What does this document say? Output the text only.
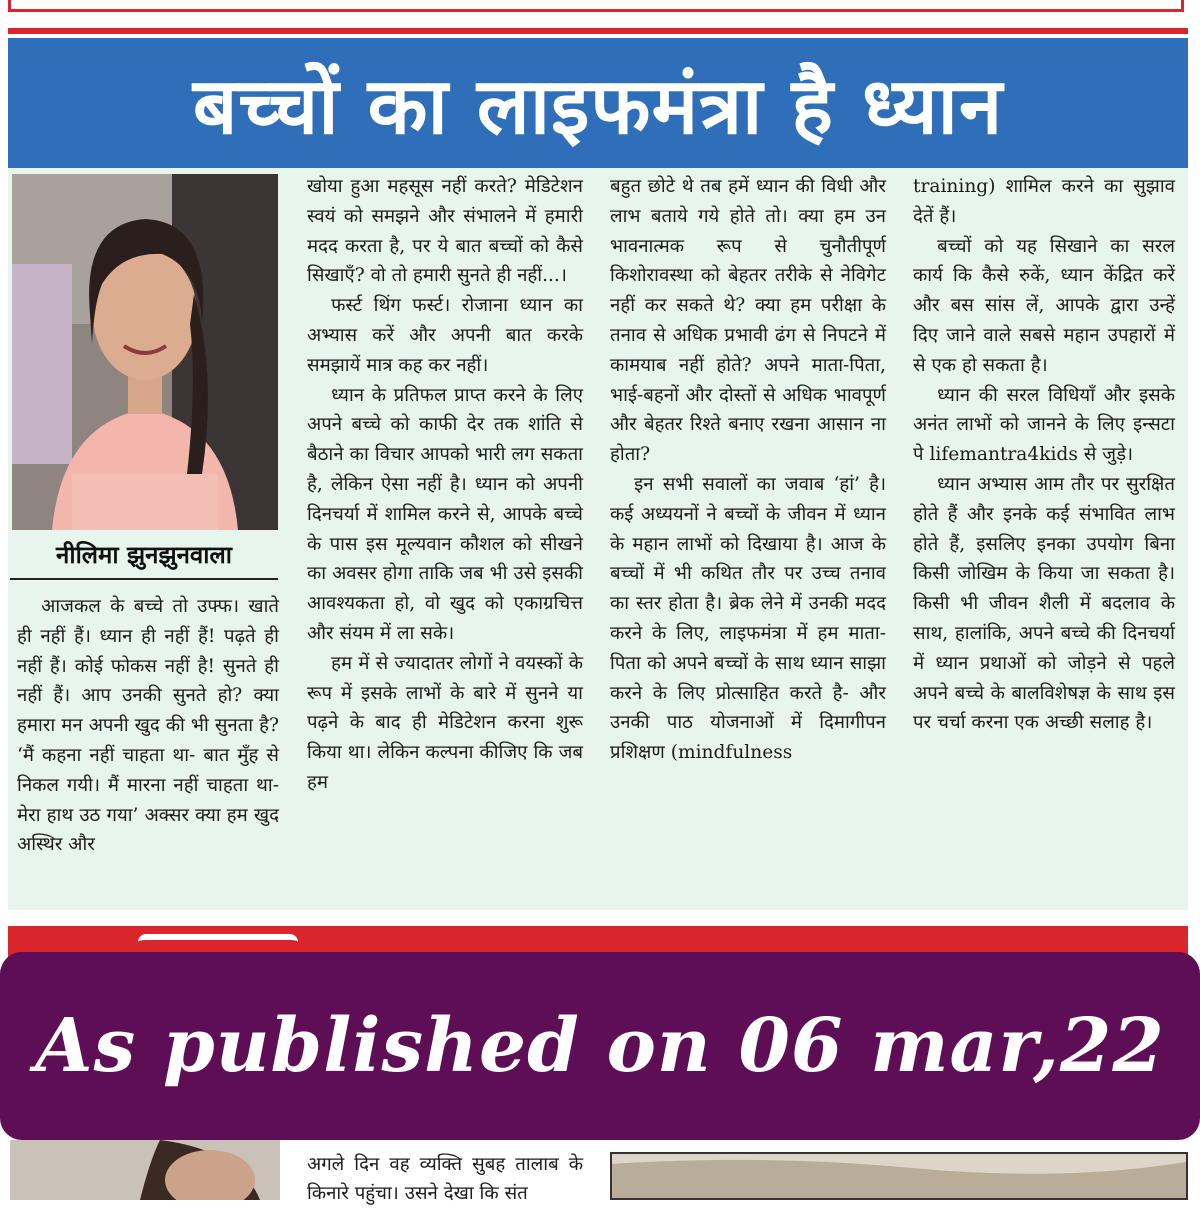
बच्चों का लाइफमंत्रा है ध्यान
नीलिमा झुनझुनवाला

आजकल के बच्चे तो उफ्फ। खाते ही नहीं हैं। ध्यान ही नहीं हैं! पढ़ते ही नहीं हैं। कोई फोकस नहीं है! सुनते ही नहीं हैं। आप उनकी सुनते हो? क्या हमारा मन अपनी खुद की भी सुनता है? ‘मैं कहना नहीं चाहता था- बात मुँह से निकल गयी। मैं मारना नहीं चाहता था- मेरा हाथ उठ गया’ अक्सर क्या हम खुद अस्थिर और

खोया हुआ महसूस नहीं करते? मेडिटेशन स्वयं को समझने और संभालने में हमारी मदद करता है, पर ये बात बच्चों को कैसे सिखाएँ? वो तो हमारी सुनते ही नहीं...।

फर्स्ट थिंग फर्स्ट। रोजाना ध्यान का अभ्यास करें और अपनी बात करके समझायें मात्र कह कर नहीं।

ध्यान के प्रतिफल प्राप्त करने के लिए अपने बच्चे को काफी देर तक शांति से बैठाने का विचार आपको भारी लग सकता है, लेकिन ऐसा नहीं है। ध्यान को अपनी दिनचर्या में शामिल करने से, आपके बच्चे के पास इस मूल्यवान कौशल को सीखने का अवसर होगा ताकि जब भी उसे इसकी आवश्यकता हो, वो खुद को एकाग्रचित्त और संयम में ला सके।

हम में से ज्यादातर लोगों ने वयस्कों के रूप में इसके लाभों के बारे में सुनने या पढ़ने के बाद ही मेडिटेशन करना शुरू किया था। लेकिन कल्पना कीजिए कि जब हम

बहुत छोटे थे तब हमें ध्यान की विधी और लाभ बताये गये होते तो। क्या हम उन भावनात्मक रूप से चुनौतीपूर्ण किशोरावस्था को बेहतर तरीके से नेविगेट नहीं कर सकते थे? क्या हम परीक्षा के तनाव से अधिक प्रभावी ढंग से निपटने में कामयाब नहीं होते? अपने माता-पिता, भाई-बहनों और दोस्तों से अधिक भावपूर्ण और बेहतर रिश्ते बनाए रखना आसान ना होता?

इन सभी सवालों का जवाब ‘हां’ है। कई अध्ययनों ने बच्चों के जीवन में ध्यान के महान लाभों को दिखाया है। आज के बच्चों में भी कथित तौर पर उच्च तनाव का स्तर होता है। ब्रेक लेने में उनकी मदद करने के लिए, लाइफमंत्रा में हम माता-पिता को अपने बच्चों के साथ ध्यान साझा करने के लिए प्रोत्साहित करते है- और उनकी पाठ योजनाओं में दिमागीपन प्रशिक्षण (mindfulness

training) शामिल करने का सुझाव देतें हैं।

बच्चों को यह सिखाने का सरल कार्य कि कैसे रुकें, ध्यान केंद्रित करें और बस सांस लें, आपके द्वारा उन्हें दिए जाने वाले सबसे महान उपहारों में से एक हो सकता है।

ध्यान की सरल विधियाँ और इसके अनंत लाभों को जानने के लिए इन्सटा पे lifemantra4kids से जुड़े।

ध्यान अभ्यास आम तौर पर सुरक्षित होते हैं और इनके कई संभावित लाभ होते हैं, इसलिए इनका उपयोग बिना किसी जोखिम के किया जा सकता है। किसी भी जीवन शैली में बदलाव के साथ, हालांकि, अपने बच्चे की दिनचर्या में ध्यान प्रथाओं को जोड़ने से पहले अपने बच्चे के बालविशेषज्ञ के साथ इस पर चर्चा करना एक अच्छी सलाह है।

As published on 06 mar,22

अगले दिन वह व्यक्ति सुबह तालाब के किनारे पहुंचा। उसने देखा कि संत
